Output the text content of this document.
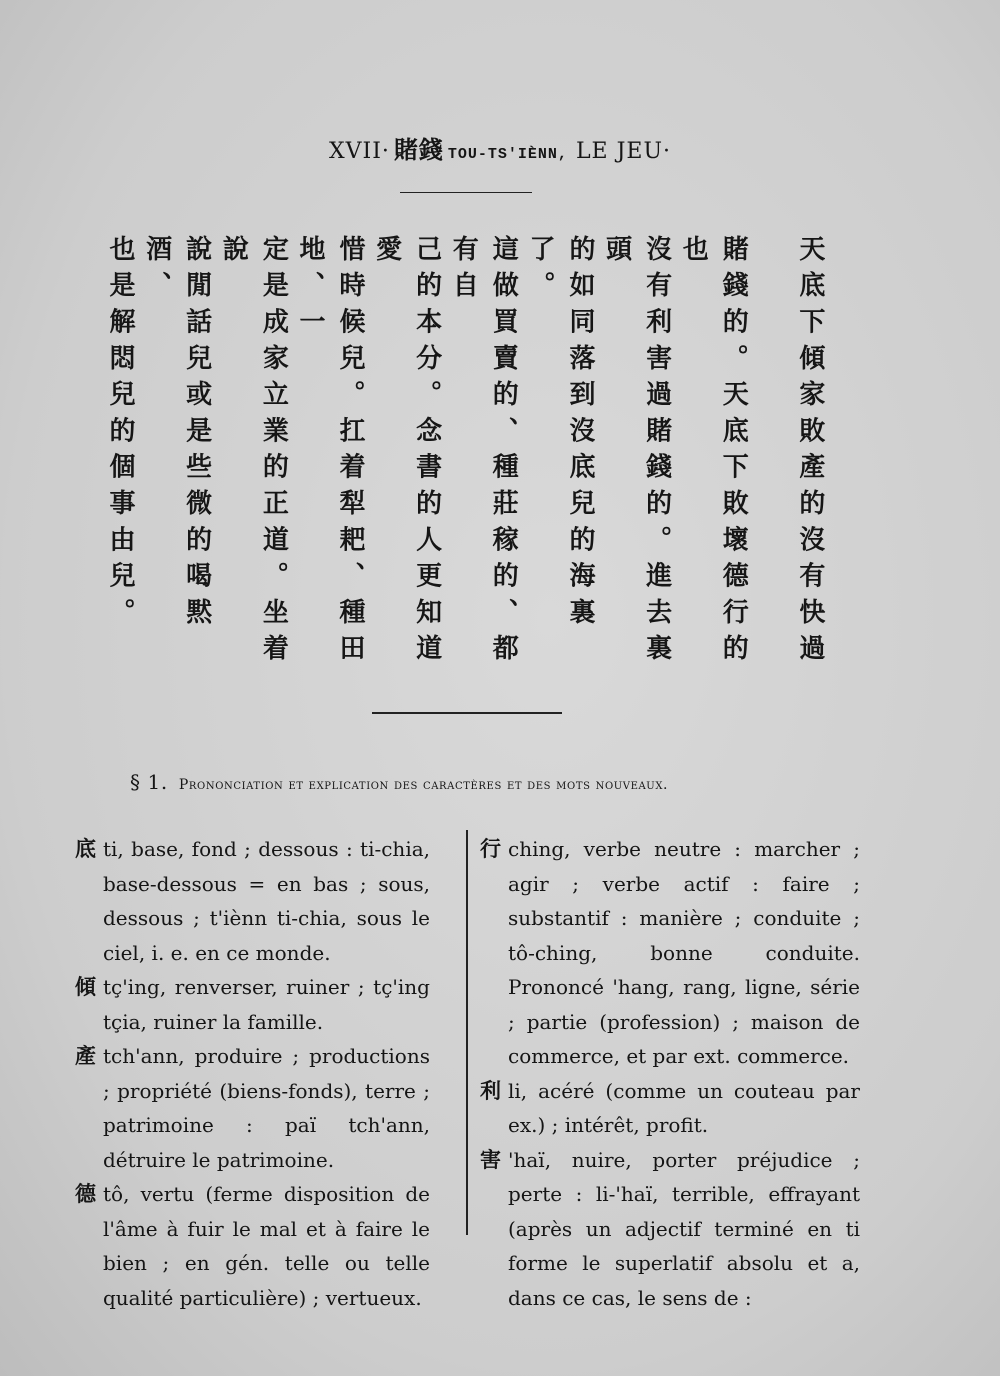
XVII· 賭錢 TOU-TS'IÈNN, LE JEU·
天底下傾家敗產的沒有快過
賭錢的。天底下敗壞德行的也
沒有利害過賭錢的。進去裏頭
的如同落到沒底兒的海裏了。
這做買賣的、種莊稼的、都有自
己的本分。念書的人更知道愛
惜時候兒。扛着犁耙、種田地、一
定是成家立業的正道。坐着說
說閒話兒或是些微的喝黙酒、
也是解悶兒的個事由兒。
§ 1. Prononciation et explication des caractères et des mots nouveaux.
底 ti, base, fond ; dessous : ti-chia, base-dessous = en bas ; sous, dessous ; t'iènn ti-chia, sous le ciel, i. e. en ce monde.
傾 tç'ing, renverser, ruiner ; tç'ing tçia, ruiner la famille.
產 tch'ann, produire ; productions ; propriété (biens-fonds), terre ; patrimoine : paï tch'ann, détruire le patrimoine.
德 tô, vertu (ferme disposition de l'âme à fuir le mal et à faire le bien ; en gén. telle ou telle qualité particulière) ; vertueux.
行 ching, verbe neutre : marcher ; agir ; verbe actif : faire ; substantif : manière ; conduite ; tô-ching, bonne conduite. Prononcé 'hang, rang, ligne, série ; partie (profession) ; maison de commerce, et par ext. commerce.
利 li, acéré (comme un couteau par ex.) ; intérêt, profit.
害 'haï, nuire, porter préjudice ; perte : li-'haï, terrible, effrayant (après un adjectif terminé en ti forme le superlatif absolu et a, dans ce cas, le sens de :
